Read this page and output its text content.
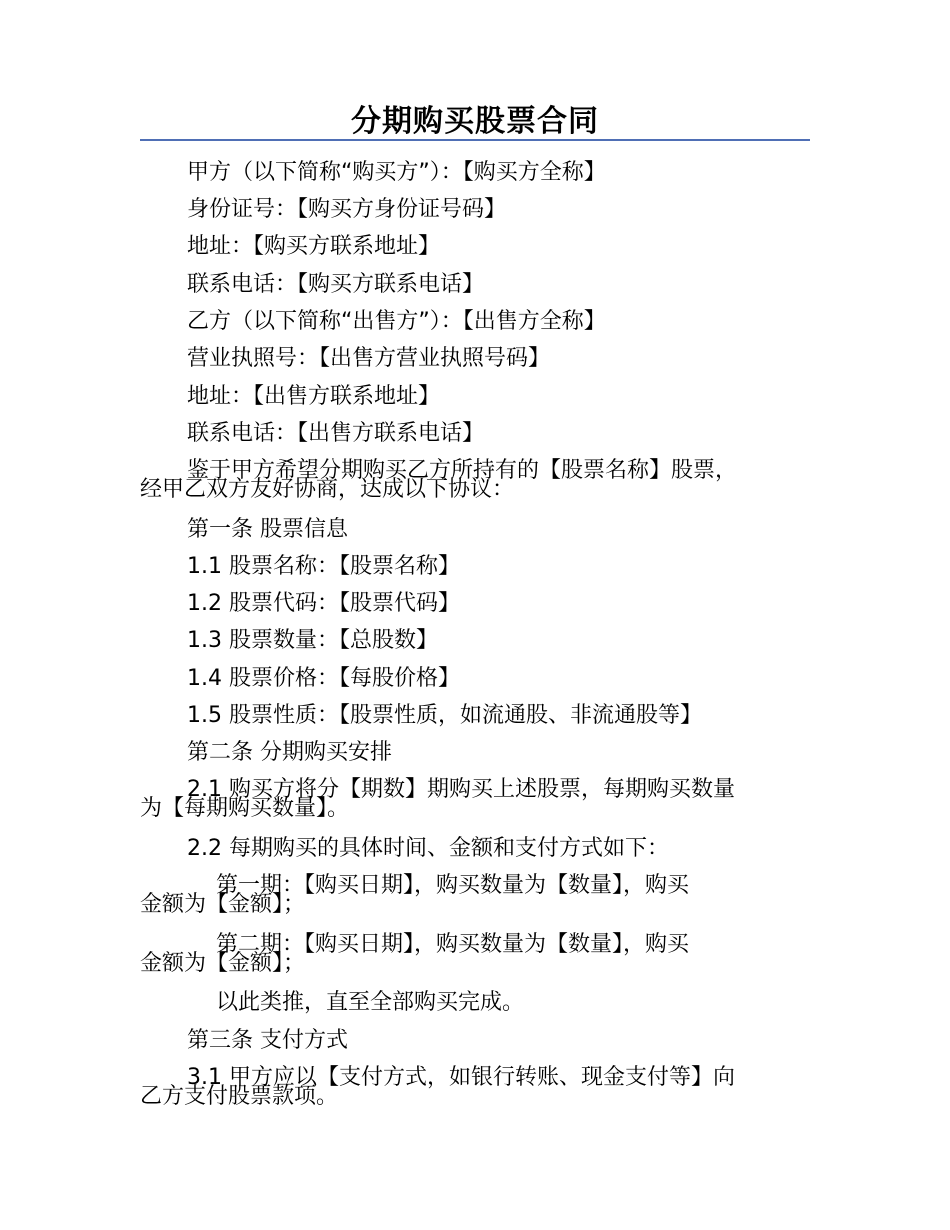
分期购买股票合同
甲方（以下简称“购买方”）：【购买方全称】
身份证号：【购买方身份证号码】
地址：【购买方联系地址】
联系电话：【购买方联系电话】
乙方（以下简称“出售方”）：【出售方全称】
营业执照号：【出售方营业执照号码】
地址：【出售方联系地址】
联系电话：【出售方联系电话】
鉴于甲方希望分期购买乙方所持有的【股票名称】股票，
经甲乙双方友好协商，达成以下协议：
第一条 股票信息
1.1 股票名称：【股票名称】
1.2 股票代码：【股票代码】
1.3 股票数量：【总股数】
1.4 股票价格：【每股价格】
1.5 股票性质：【股票性质，如流通股、非流通股等】
第二条 分期购买安排
2.1 购买方将分【期数】期购买上述股票，每期购买数量
为【每期购买数量】。
2.2 每期购买的具体时间、金额和支付方式如下：
第一期：【购买日期】，购买数量为【数量】，购买
金额为【金额】；
第二期：【购买日期】，购买数量为【数量】，购买
金额为【金额】；
以此类推，直至全部购买完成。
第三条 支付方式
3.1 甲方应以【支付方式，如银行转账、现金支付等】向
乙方支付股票款项。
